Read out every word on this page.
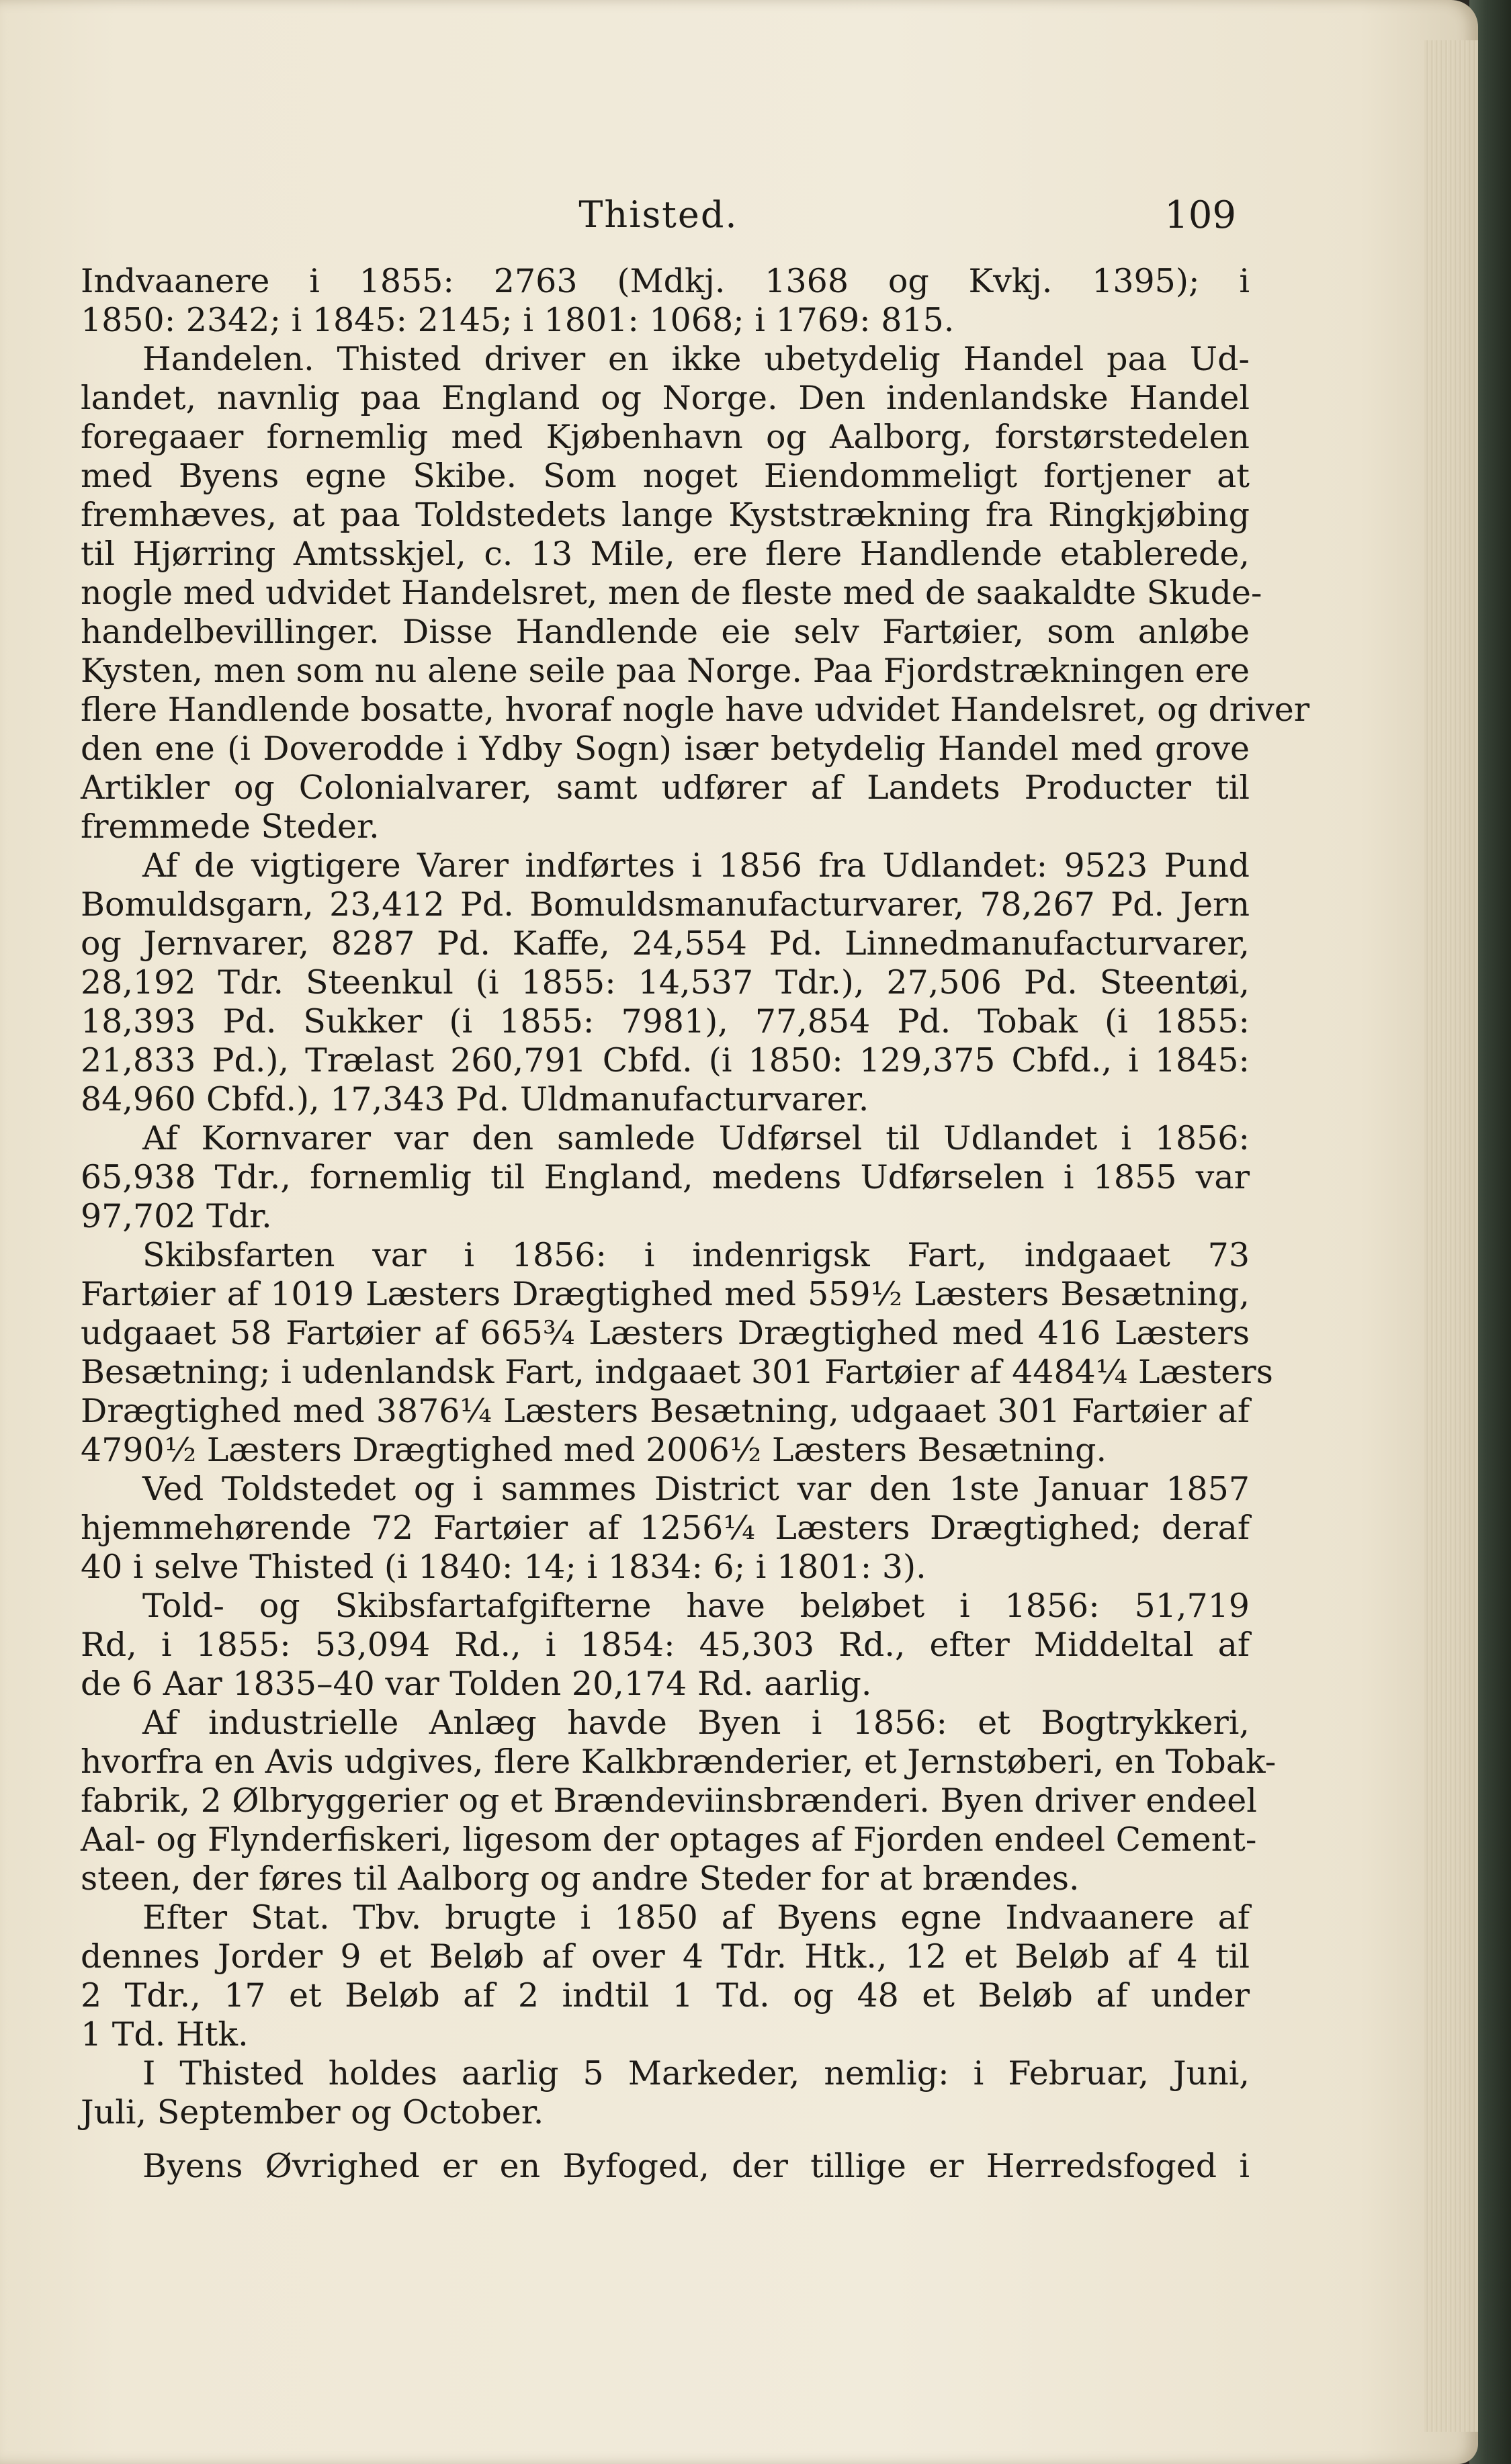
Thisted.	109
Indvaanere i 1855: 2763 (Mdkj. 1368 og Kvkj. 1395); i
1850: 2342; i 1845: 2145; i 1801: 1068; i 1769: 815.
Handelen. Thisted driver en ikke ubetydelig Handel paa Ud-
landet, navnlig paa England og Norge. Den indenlandske Handel
foregaaer fornemlig med Kjøbenhavn og Aalborg, forstørstedelen
med Byens egne Skibe. Som noget Eiendommeligt fortjener at
fremhæves, at paa Toldstedets lange Kyststrækning fra Ringkjøbing
til Hjørring Amtsskjel, c. 13 Mile, ere flere Handlende etablerede,
nogle med udvidet Handelsret, men de fleste med de saakaldte Skude-
handelbevillinger. Disse Handlende eie selv Fartøier, som anløbe
Kysten, men som nu alene seile paa Norge. Paa Fjordstrækningen ere
flere Handlende bosatte, hvoraf nogle have udvidet Handelsret, og driver
den ene (i Doverodde i Ydby Sogn) især betydelig Handel med grove
Artikler og Colonialvarer, samt udfører af Landets Producter til
fremmede Steder.
Af de vigtigere Varer indførtes i 1856 fra Udlandet: 9523 Pund
Bomuldsgarn, 23,412 Pd. Bomuldsmanufacturvarer, 78,267 Pd. Jern
og Jernvarer, 8287 Pd. Kaffe, 24,554 Pd. Linnedmanufacturvarer,
28,192 Tdr. Steenkul (i 1855: 14,537 Tdr.), 27,506 Pd. Steentøi,
18,393 Pd. Sukker (i 1855: 7981), 77,854 Pd. Tobak (i 1855:
21,833 Pd.), Trælast 260,791 Cbfd. (i 1850: 129,375 Cbfd., i 1845:
84,960 Cbfd.), 17,343 Pd. Uldmanufacturvarer.
Af Kornvarer var den samlede Udførsel til Udlandet i 1856:
65,938 Tdr., fornemlig til England, medens Udførselen i 1855 var
97,702 Tdr.
Skibsfarten var i 1856: i indenrigsk Fart, indgaaet 73
Fartøier af 1019 Læsters Drægtighed med 559½ Læsters Besætning,
udgaaet 58 Fartøier af 665¾ Læsters Drægtighed med 416 Læsters
Besætning; i udenlandsk Fart, indgaaet 301 Fartøier af 4484¼ Læsters
Drægtighed med 3876¼ Læsters Besætning, udgaaet 301 Fartøier af
4790½ Læsters Drægtighed med 2006½ Læsters Besætning.
Ved Toldstedet og i sammes District var den 1ste Januar 1857
hjemmehørende 72 Fartøier af 1256¼ Læsters Drægtighed; deraf
40 i selve Thisted (i 1840: 14; i 1834: 6; i 1801: 3).
Told- og Skibsfartafgifterne have beløbet i 1856: 51,719
Rd, i 1855: 53,094 Rd., i 1854: 45,303 Rd., efter Middeltal af
de 6 Aar 1835–40 var Tolden 20,174 Rd. aarlig.
Af industrielle Anlæg havde Byen i 1856: et Bogtrykkeri,
hvorfra en Avis udgives, flere Kalkbrænderier, et Jernstøberi, en Tobak-
fabrik, 2 Ølbryggerier og et Brændeviinsbrænderi. Byen driver endeel
Aal- og Flynderfiskeri, ligesom der optages af Fjorden endeel Cement-
steen, der føres til Aalborg og andre Steder for at brændes.
Efter Stat. Tbv. brugte i 1850 af Byens egne Indvaanere af
dennes Jorder 9 et Beløb af over 4 Tdr. Htk., 12 et Beløb af 4 til
2 Tdr., 17 et Beløb af 2 indtil 1 Td. og 48 et Beløb af under
1 Td. Htk.
I Thisted holdes aarlig 5 Markeder, nemlig: i Februar, Juni,
Juli, September og October.
Byens Øvrighed er en Byfoged, der tillige er Herredsfoged i
